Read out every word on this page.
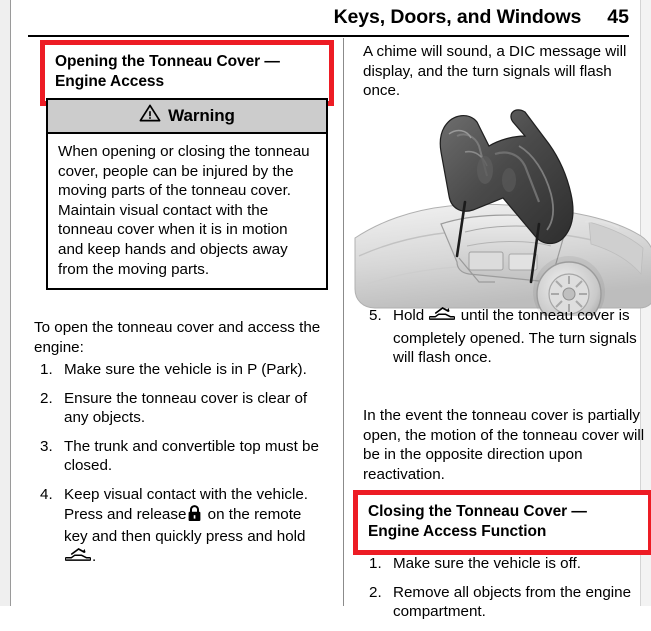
Keys, Doors, and Windows 45
Opening the Tonneau Cover — Engine Access
Warning
When opening or closing the tonneau cover, people can be injured by the moving parts of the tonneau cover. Maintain visual contact with the tonneau cover when it is in motion and keep hands and objects away from the moving parts.

To open the tonneau cover and access the engine:

1. Make sure the vehicle is in P (Park).
2. Ensure the tonneau cover is clear of any objects.
3. The trunk and convertible top must be closed.
4. Keep visual contact with the vehicle. Press and release on the remote key and then quickly press and hold.

A chime will sound, a DIC message will display, and the turn signals will flash once.

5. Hold until the tonneau cover is completely opened. The turn signals will flash once.

In the event the tonneau cover is partially open, the motion of the tonneau cover will be in the opposite direction upon reactivation.

Closing the Tonneau Cover — Engine Access Function
1. Make sure the vehicle is off.
2. Remove all objects from the engine compartment.
